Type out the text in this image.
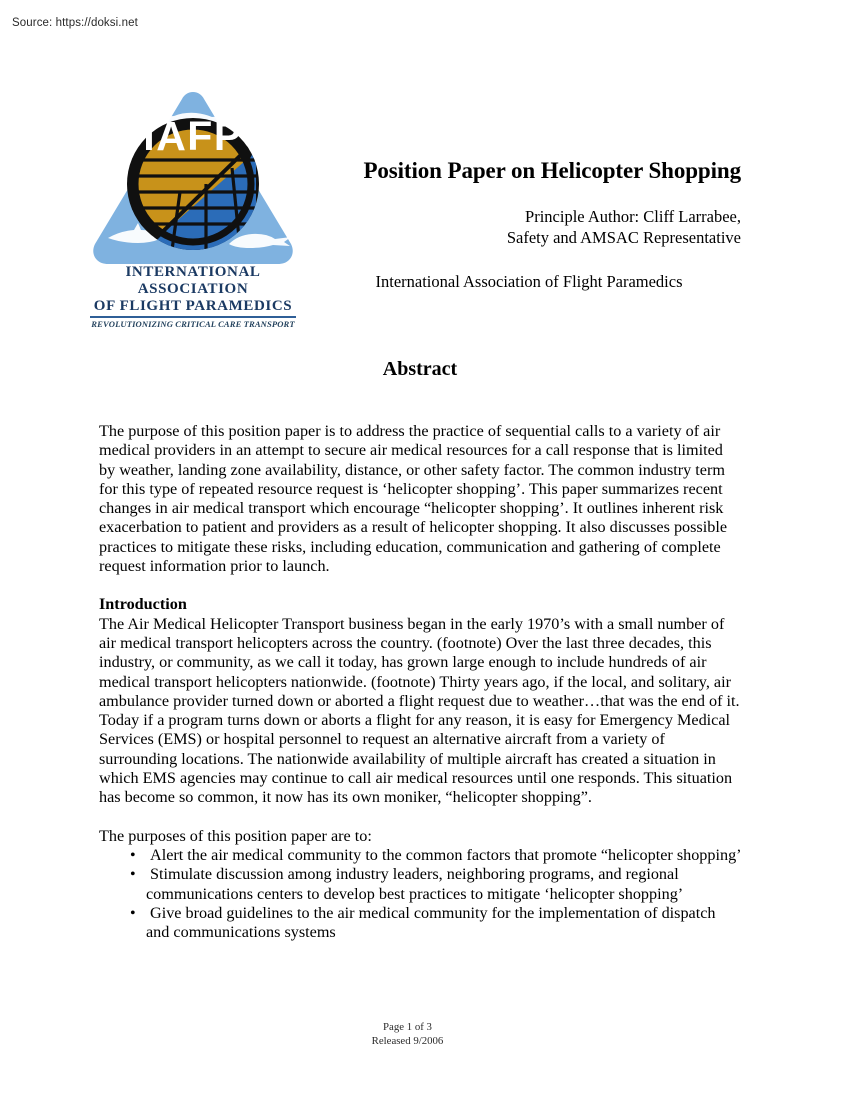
Source: https://doksi.net
IAFP
INTERNATIONAL ASSOCIATION
OF FLIGHT PARAMEDICS
REVOLUTIONIZING CRITICAL CARE TRANSPORT
Position Paper on Helicopter Shopping
Principle Author: Cliff Larrabee,
Safety and AMSAC Representative
International Association of Flight Paramedics
Abstract

The purpose of this position paper is to address the practice of sequential calls to a variety of air medical providers in an attempt to secure air medical resources for a call response that is limited by weather, landing zone availability, distance, or other safety factor. The common industry term for this type of repeated resource request is ‘helicopter shopping’. This paper summarizes recent changes in air medical transport which encourage “helicopter shopping’. It outlines inherent risk exacerbation to patient and providers as a result of helicopter shopping. It also discusses possible practices to mitigate these risks, including education, communication and gathering of complete request information prior to launch.

Introduction

The Air Medical Helicopter Transport business began in the early 1970’s with a small number of air medical transport helicopters across the country. (footnote) Over the last three decades, this industry, or community, as we call it today, has grown large enough to include hundreds of air medical transport helicopters nationwide. (footnote) Thirty years ago, if the local, and solitary, air ambulance provider turned down or aborted a flight request due to weather…that was the end of it. Today if a program turns down or aborts a flight for any reason, it is easy for Emergency Medical Services (EMS) or hospital personnel to request an alternative aircraft from a variety of surrounding locations. The nationwide availability of multiple aircraft has created a situation in which EMS agencies may continue to call air medical resources until one responds. This situation has become so common, it now has its own moniker, “helicopter shopping”.

The purposes of this position paper are to:

• Alert the air medical community to the common factors that promote “helicopter shopping’
• Stimulate discussion among industry leaders, neighboring programs, and regional communications centers to develop best practices to mitigate ‘helicopter shopping’
• Give broad guidelines to the air medical community for the implementation of dispatch and communications systems
Page 1 of 3
Released 9/2006
